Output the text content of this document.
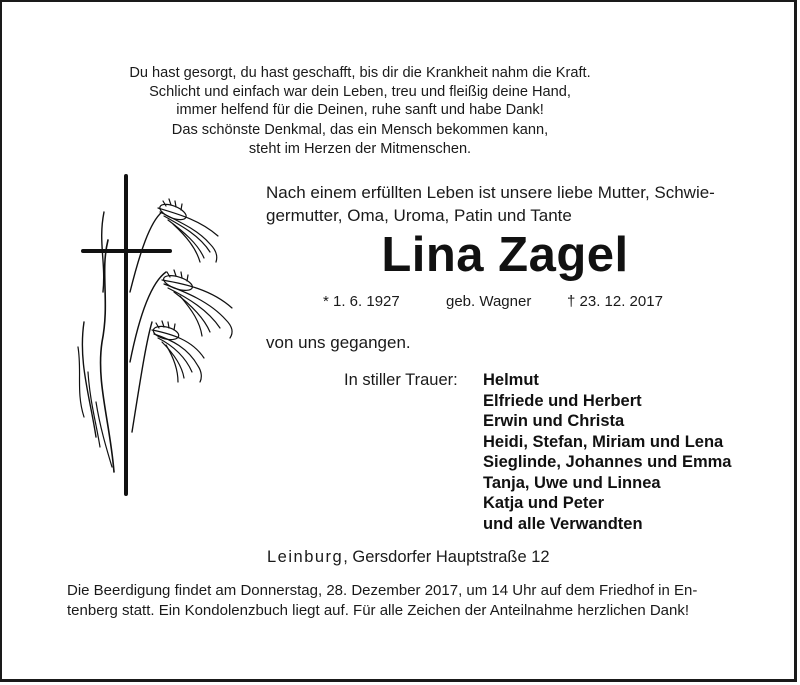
Du hast gesorgt, du hast geschafft, bis dir die Krankheit nahm die Kraft.
Schlicht und einfach war dein Leben, treu und fleißig deine Hand,
immer helfend für die Deinen, ruhe sanft und habe Dank!
Das schönste Denkmal, das ein Mensch bekommen kann,
steht im Herzen der Mitmenschen.
Nach einem erfüllten Leben ist unsere liebe Mutter, Schwie-
germutter, Oma, Uroma, Patin und Tante
Lina Zagel
* 1. 6. 1927	geb. Wagner † 23. 12. 2017
von uns gegangen.
In stiller Trauer: Helmut
Elfriede und Herbert
Erwin und Christa
Heidi, Stefan, Miriam und Lena
Sieglinde, Johannes und Emma
Tanja, Uwe und Linnea
Katja und Peter
und alle Verwandten
Leinburg, Gersdorfer Hauptstraße 12
Die Beerdigung findet am Donnerstag, 28. Dezember 2017, um 14 Uhr auf dem Friedhof in En-
tenberg statt. Ein Kondolenzbuch liegt auf. Für alle Zeichen der Anteilnahme herzlichen Dank!
